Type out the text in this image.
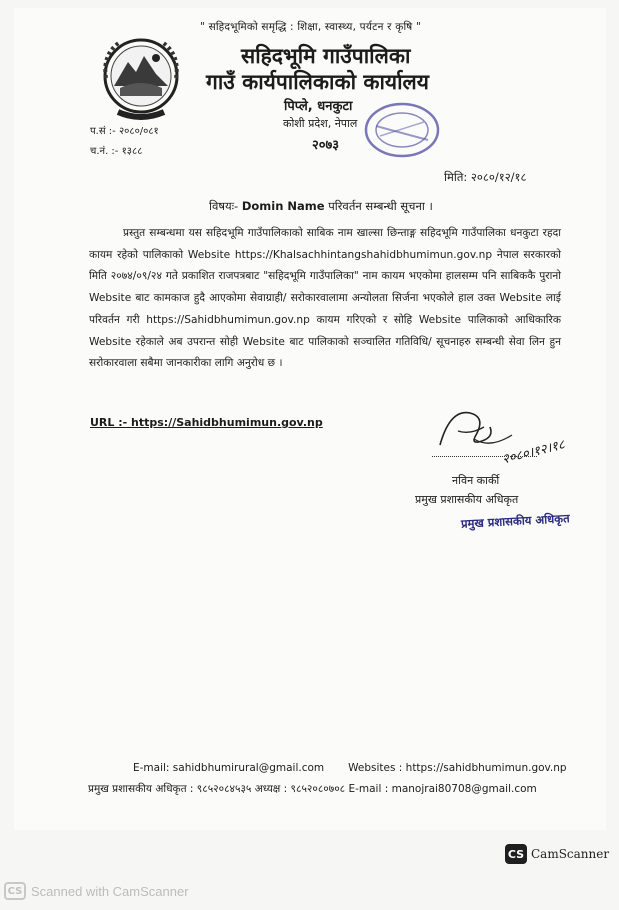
" सहिदभूमिको समृद्धि : शिक्षा, स्वास्थ्य, पर्यटन र कृषि "
सहिदभूमि गाउँपालिका
गाउँ कार्यपालिकाको कार्यालय
पिप्ले, धनकुटा
कोशी प्रदेश, नेपाल
२०७३
प.सं :- २०८०/०८१
च.नं. :- १३८८
मिति: २०८०/१२/१८
विषयः- Domin Name परिवर्तन सम्बन्धी सूचना ।
प्रस्तुत सम्बन्धमा यस सहिदभूमि गाउँपालिकाको साबिक नाम खाल्सा छिन्ताङ्ग सहिदभूमि गाउँपालिका धनकुटा रहदा कायम रहेको पालिकाको Website https://Khalsachhintangshahidbhumimun.gov.np नेपाल सरकारको मिति २०७४/०९/२४ गते प्रकाशित राजपत्रबाट "सहिदभूमि गाउँपालिका" नाम कायम भएकोमा हालसम्म पनि साबिककै पुरानो Website बाट कामकाज हुदै आएकोमा सेवाग्राही/ सरोकारवालामा अन्योलता सिर्जना भएकोले हाल उक्त Website लाई परिवर्तन गरी https://Sahidbhumimun.gov.np कायम गरिएको र सोहि Website पालिकाको आधिकारिक Website रहेकाले अब उपरान्त सोही Website बाट पालिकाको सञ्चालित गतिविधि/ सूचनाहरु सम्बन्धी सेवा लिन हुन सरोकारवाला सबैमा जानकारीका लागि अनुरोध छ ।
URL :- https://Sahidbhumimun.gov.np
२०८०।१२।१८
नविन कार्की
प्रमुख प्रशासकीय अधिकृत
प्रमुख प्रशासकीय अधिकृत
E-mail: sahidbhumirural@gmail.com Websites : https://sahidbhumimun.gov.np
प्रमुख प्रशासकीय अधिकृत : ९८५२०८४५३५ अध्यक्ष : ९८५२०८०७०८ E-mail : manojrai80708@gmail.com
CS CamScanner
CS Scanned with CamScanner
